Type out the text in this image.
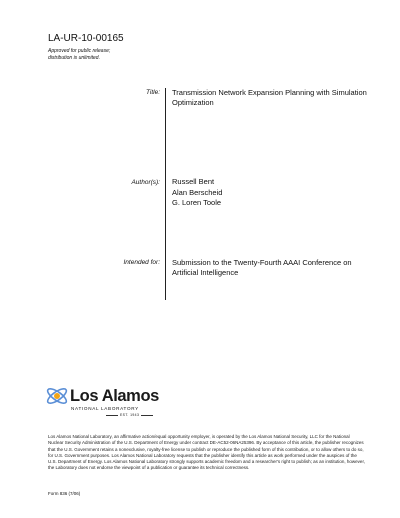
LA-UR-10-00165
Approved for public release;
distribution is unlimited.
Title: Transmission Network Expansion Planning with Simulation Optimization
Author(s): Russell Bent
Alan Berscheid
G. Loren Toole
Intended for: Submission to the Twenty-Fourth AAAI Conference on Artificial Intelligence
Los Alamos
NATIONAL LABORATORY
EST. 1943
Los Alamos National Laboratory, an affirmative action/equal opportunity employer, is operated by the Los Alamos National Security, LLC for the National Nuclear Security Administration of the U.S. Department of Energy under contract DE-AC52-06NA25396. By acceptance of this article, the publisher recognizes that the U.S. Government retains a nonexclusive, royalty-free license to publish or reproduce the published form of this contribution, or to allow others to do so, for U.S. Government purposes. Los Alamos National Laboratory requests that the publisher identify this article as work performed under the auspices of the U.S. Department of Energy. Los Alamos National Laboratory strongly supports academic freedom and a researcher's right to publish; as an institution, however, the Laboratory does not endorse the viewpoint of a publication or guarantee its technical correctness.
Form 836 (7/06)
